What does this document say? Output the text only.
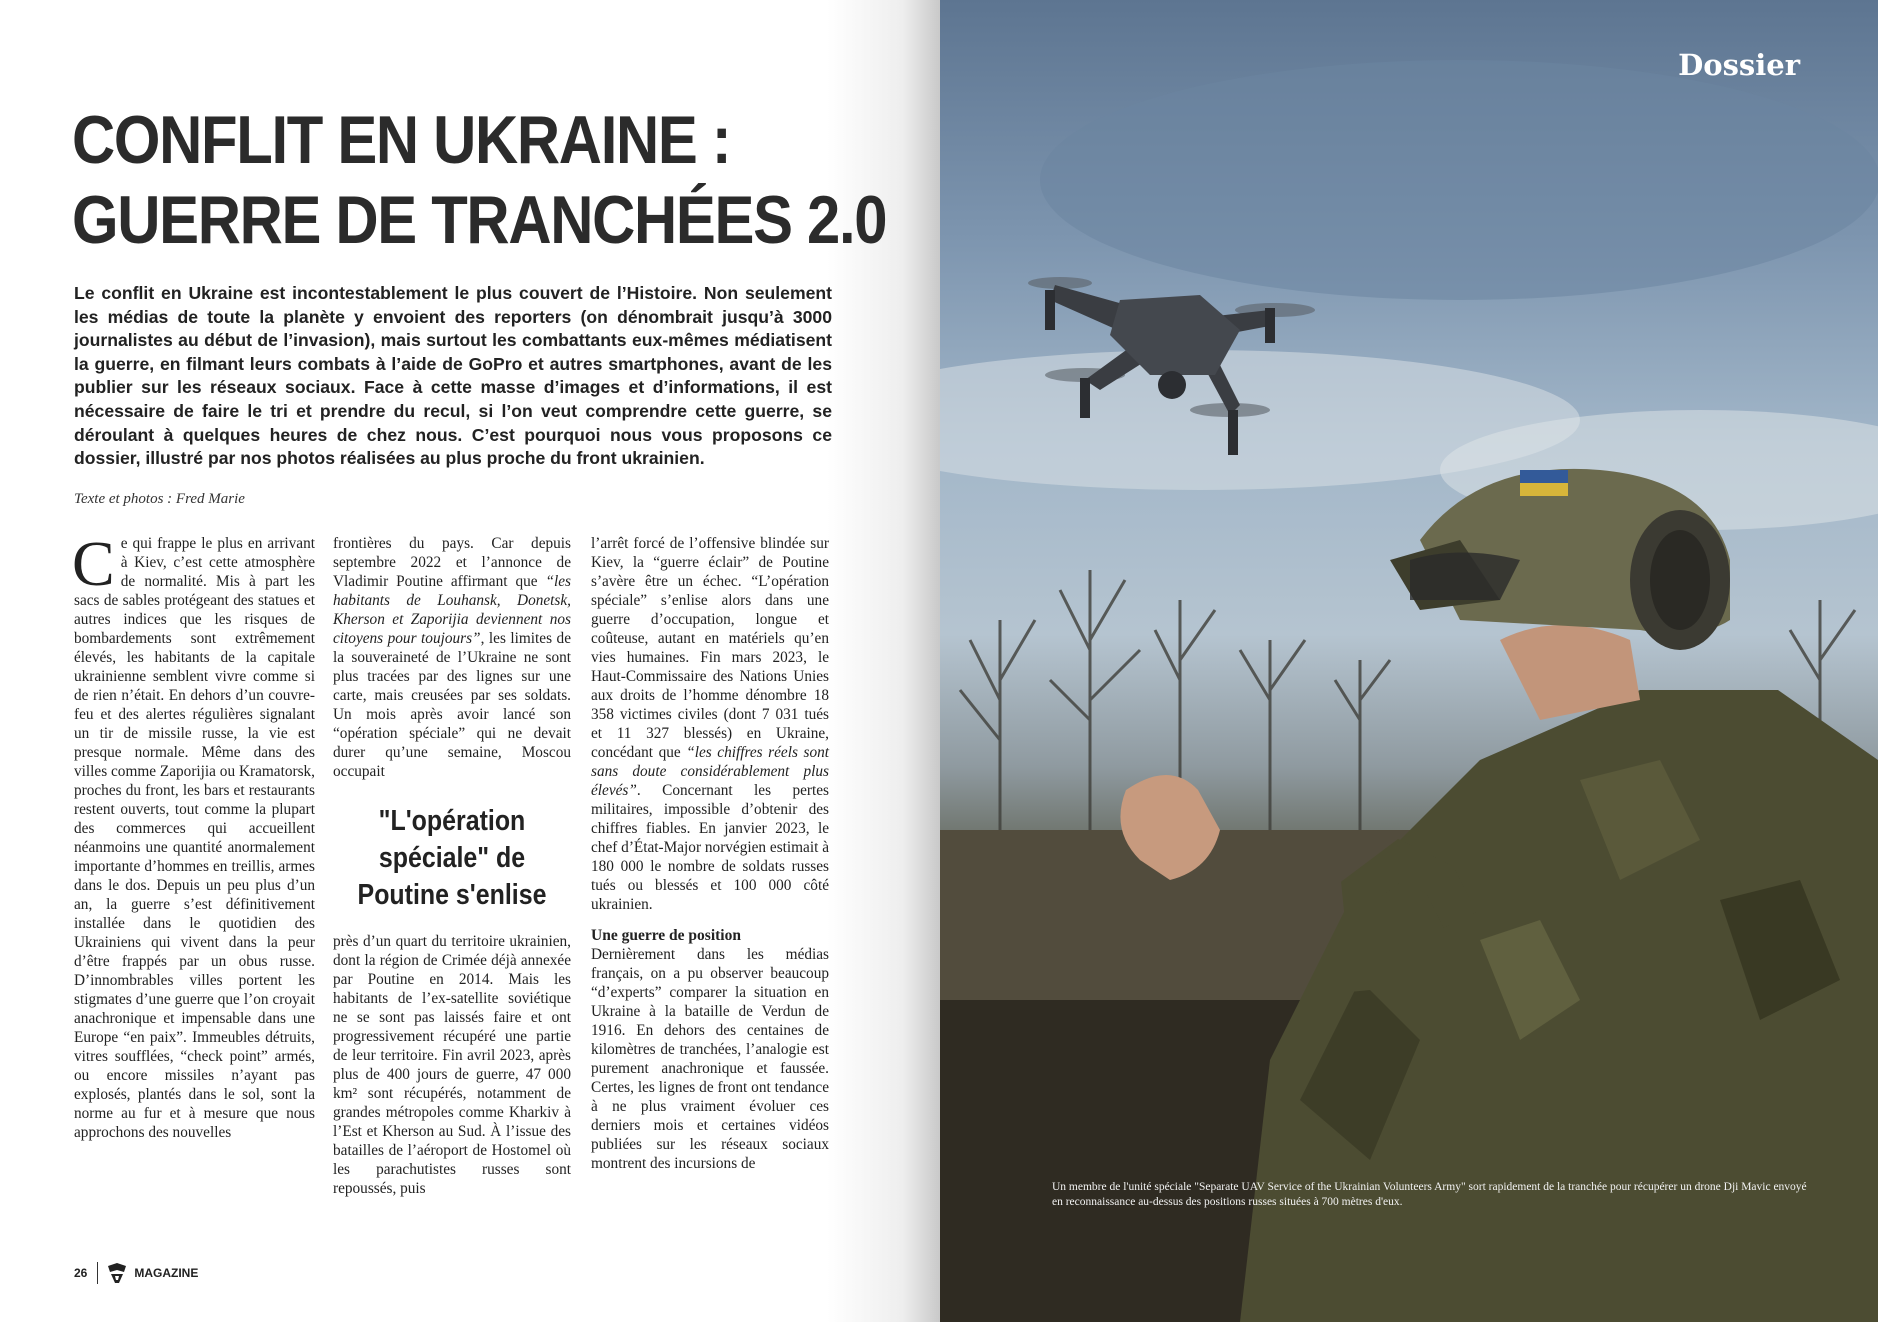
CONFLIT EN UKRAINE :
GUERRE DE TRANCHÉES 2.0

Le conflit en Ukraine est incontestablement le plus couvert de l’Histoire. Non seulement les médias de toute la planète y envoient des reporters (on dénombrait jusqu’à 3000 journalistes au début de l’invasion), mais surtout les combattants eux-mêmes médiatisent la guerre, en filmant leurs combats à l’aide de GoPro et autres smartphones, avant de les publier sur les réseaux sociaux. Face à cette masse d’images et d’informations, il est nécessaire de faire le tri et prendre du recul, si l’on veut comprendre cette guerre, se déroulant à quelques heures de chez nous. C’est pourquoi nous vous proposons ce dossier, illustré par nos photos réalisées au plus proche du front ukrainien.

Texte et photos : Fred Marie

Ce qui frappe le plus en arrivant à Kiev, c’est cette atmosphère de normalité. Mis à part les sacs de sables protégeant des statues et autres indices que les risques de bombardements sont extrêmement élevés, les habitants de la capitale ukrainienne semblent vivre comme si de rien n’était. En dehors d’un couvre-feu et des alertes régulières signalant un tir de missile russe, la vie est presque normale. Même dans des villes comme Zaporijia ou Kramatorsk, proches du front, les bars et restaurants restent ouverts, tout comme la plupart des commerces qui accueillent néanmoins une quantité anormalement importante d’hommes en treillis, armes dans le dos. Depuis un peu plus d’un an, la guerre s’est définitivement installée dans le quotidien des Ukrainiens qui vivent dans la peur d’être frappés par un obus russe. D’innombrables villes portent les stigmates d’une guerre que l’on croyait anachronique et impensable dans une Europe “en paix”. Immeubles détruits, vitres soufflées, “check point” armés, ou encore missiles n’ayant pas explosés, plantés dans le sol, sont la norme au fur et à mesure que nous approchons des nouvelles
frontières du pays. Car depuis septembre 2022 et l’annonce de Vladimir Poutine affirmant que “les habitants de Louhansk, Donetsk, Kherson et Zaporijia deviennent nos citoyens pour toujours”, les limites de la souveraineté de l’Ukraine ne sont plus tracées par des lignes sur une carte, mais creusées par ses soldats. Un mois après avoir lancé son “opération spéciale” qui ne devait durer qu’une semaine, Moscou occupait

"L'opération spéciale" de Poutine s'enlise

près d’un quart du territoire ukrainien, dont la région de Crimée déjà annexée par Poutine en 2014. Mais les habitants de l’ex-satellite soviétique ne se sont pas laissés faire et ont progressivement récupéré une partie de leur territoire. Fin avril 2023, après plus de 400 jours de guerre, 47 000 km² sont récupérés, notamment de grandes métropoles comme Kharkiv à l’Est et Kherson au Sud. À l’issue des batailles de l’aéroport de Hostomel où les parachutistes russes sont repoussés, puis
l’arrêt forcé de l’offensive blindée sur Kiev, la “guerre éclair” de Poutine s’avère être un échec. “L’opération spéciale” s’enlise alors dans une guerre d’occupation, longue et coûteuse, autant en matériels qu’en vies humaines. Fin mars 2023, le Haut-Commissaire des Nations Unies aux droits de l’homme dénombre 18 358 victimes civiles (dont 7 031 tués et 11 327 blessés) en Ukraine, concédant que “les chiffres réels sont sans doute considérablement plus élevés”. Concernant les pertes militaires, impossible d’obtenir des chiffres fiables. En janvier 2023, le chef d’État-Major norvégien estimait à 180 000 le nombre de soldats russes tués ou blessés et 100 000 côté ukrainien.

Une guerre de position

Dernièrement dans les médias français, on a pu observer beaucoup “d’experts” comparer la situation en Ukraine à la bataille de Verdun de 1916. En dehors des centaines de kilomètres de tranchées, l’analogie est purement anachronique et faussée. Certes, les lignes de front ont tendance à ne plus vraiment évoluer ces derniers mois et certaines vidéos publiées sur les réseaux sociaux montrent des incursions de
26	MAGAZINE
Dossier

Un membre de l'unité spéciale "Separate UAV Service of the Ukrainian Volunteers Army" sort rapidement de la tranchée pour récupérer un drone Dji Mavic envoyé en reconnaissance au-dessus des positions russes situées à 700 mètres d'eux.
